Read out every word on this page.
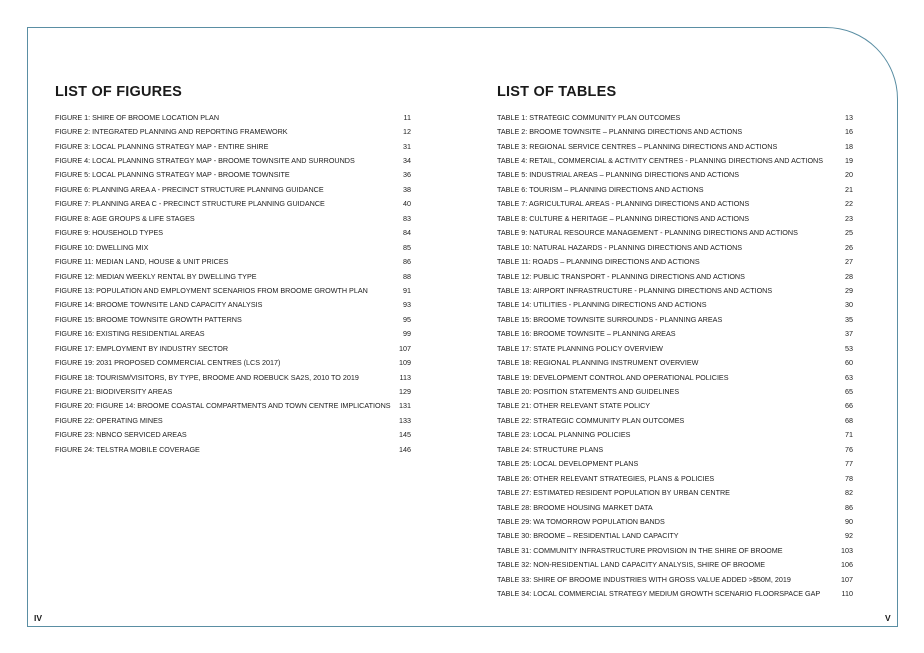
LIST OF FIGURES
FIGURE 1: SHIRE OF BROOME LOCATION PLAN	11
FIGURE 2: INTEGRATED PLANNING AND REPORTING FRAMEWORK	12
FIGURE 3: LOCAL PLANNING STRATEGY MAP - ENTIRE SHIRE	31
FIGURE 4: LOCAL PLANNING STRATEGY MAP - BROOME TOWNSITE AND SURROUNDS	34
FIGURE 5: LOCAL PLANNING STRATEGY MAP - BROOME TOWNSITE	36
FIGURE 6: PLANNING AREA A - PRECINCT STRUCTURE PLANNING GUIDANCE	38
FIGURE 7: PLANNING AREA C - PRECINCT STRUCTURE PLANNING GUIDANCE	40
FIGURE 8: AGE GROUPS & LIFE STAGES	83
FIGURE 9: HOUSEHOLD TYPES	84
FIGURE 10: DWELLING MIX	85
FIGURE 11: MEDIAN LAND, HOUSE & UNIT PRICES	86
FIGURE 12: MEDIAN WEEKLY RENTAL BY DWELLING TYPE	88
FIGURE 13: POPULATION AND EMPLOYMENT SCENARIOS FROM BROOME GROWTH PLAN	91
FIGURE 14: BROOME TOWNSITE LAND CAPACITY ANALYSIS	93
FIGURE 15: BROOME TOWNSITE GROWTH PATTERNS	95
FIGURE 16: EXISTING RESIDENTIAL AREAS	99
FIGURE 17: EMPLOYMENT BY INDUSTRY SECTOR	107
FIGURE 19: 2031 PROPOSED COMMERCIAL CENTRES (LCS 2017)	109
FIGURE 18: TOURISM/VISITORS, BY TYPE, BROOME AND ROEBUCK SA2S, 2010 TO 2019	113
FIGURE 21: BIODIVERSITY AREAS	129
FIGURE 20: FIGURE 14: BROOME COASTAL COMPARTMENTS AND TOWN CENTRE IMPLICATIONS	131
FIGURE 22: OPERATING MINES	133
FIGURE 23: NBNCO SERVICED AREAS	145
FIGURE 24: TELSTRA MOBILE COVERAGE	146
LIST OF TABLES
TABLE 1: STRATEGIC COMMUNITY PLAN OUTCOMES	13
TABLE 2: BROOME TOWNSITE – PLANNING DIRECTIONS AND ACTIONS	16
TABLE 3: REGIONAL SERVICE CENTRES – PLANNING DIRECTIONS AND ACTIONS	18
TABLE 4: RETAIL, COMMERCIAL & ACTIVITY CENTRES - PLANNING DIRECTIONS AND ACTIONS	19
TABLE 5: INDUSTRIAL AREAS – PLANNING DIRECTIONS AND ACTIONS	20
TABLE 6: TOURISM – PLANNING DIRECTIONS AND ACTIONS	21
TABLE 7: AGRICULTURAL AREAS - PLANNING DIRECTIONS AND ACTIONS	22
TABLE 8: CULTURE & HERITAGE – PLANNING DIRECTIONS AND ACTIONS	23
TABLE 9: NATURAL RESOURCE MANAGEMENT - PLANNING DIRECTIONS AND ACTIONS	25
TABLE 10: NATURAL HAZARDS - PLANNING DIRECTIONS AND ACTIONS	26
TABLE 11: ROADS – PLANNING DIRECTIONS AND ACTIONS	27
TABLE 12: PUBLIC TRANSPORT - PLANNING DIRECTIONS AND ACTIONS	28
TABLE 13: AIRPORT INFRASTRUCTURE - PLANNING DIRECTIONS AND ACTIONS	29
TABLE 14: UTILITIES - PLANNING DIRECTIONS AND ACTIONS	30
TABLE 15: BROOME TOWNSITE SURROUNDS - PLANNING AREAS	35
TABLE 16: BROOME TOWNSITE – PLANNING AREAS	37
TABLE 17: STATE PLANNING POLICY OVERVIEW	53
TABLE 18: REGIONAL PLANNING INSTRUMENT OVERVIEW	60
TABLE 19: DEVELOPMENT CONTROL AND OPERATIONAL POLICIES	63
TABLE 20: POSITION STATEMENTS AND GUIDELINES	65
TABLE 21: OTHER RELEVANT STATE POLICY	66
TABLE 22: STRATEGIC COMMUNITY PLAN OUTCOMES	68
TABLE 23: LOCAL PLANNING POLICIES	71
TABLE 24: STRUCTURE PLANS	76
TABLE 25: LOCAL DEVELOPMENT PLANS	77
TABLE 26: OTHER RELEVANT STRATEGIES, PLANS & POLICIES	78
TABLE 27: ESTIMATED RESIDENT POPULATION BY URBAN CENTRE	82
TABLE 28: BROOME HOUSING MARKET DATA	86
TABLE 29: WA TOMORROW POPULATION BANDS	90
TABLE 30: BROOME – RESIDENTIAL LAND CAPACITY	92
TABLE 31: COMMUNITY INFRASTRUCTURE PROVISION IN THE SHIRE OF BROOME	103
TABLE 32: NON-RESIDENTIAL LAND CAPACITY ANALYSIS, SHIRE OF BROOME	106
TABLE 33: SHIRE OF BROOME INDUSTRIES WITH GROSS VALUE ADDED >$50M, 2019	107
TABLE 34: LOCAL COMMERCIAL STRATEGY MEDIUM GROWTH SCENARIO FLOORSPACE GAP	110
IV	V
